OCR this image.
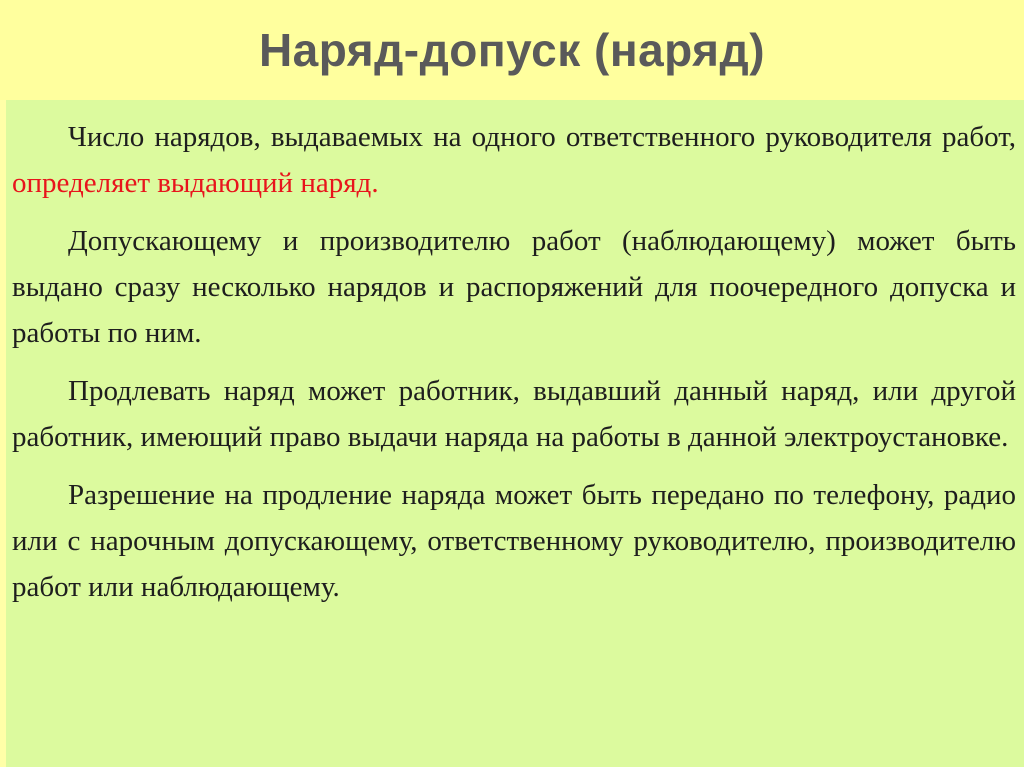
Наряд-допуск (наряд)

Число нарядов, выдаваемых на одного ответственного руководителя работ, определяет выдающий наряд.

Допускающему и производителю работ (наблюдающему) может быть выдано сразу несколько нарядов и распоряжений для поочередного допуска и работы по ним.

Продлевать наряд может работник, выдавший данный наряд, или другой работник, имеющий право выдачи наряда на работы в данной электроустановке.

Разрешение на продление наряда может быть передано по телефону, радио или с нарочным допускающему, ответственному руководителю, производителю работ или наблюдающему.
